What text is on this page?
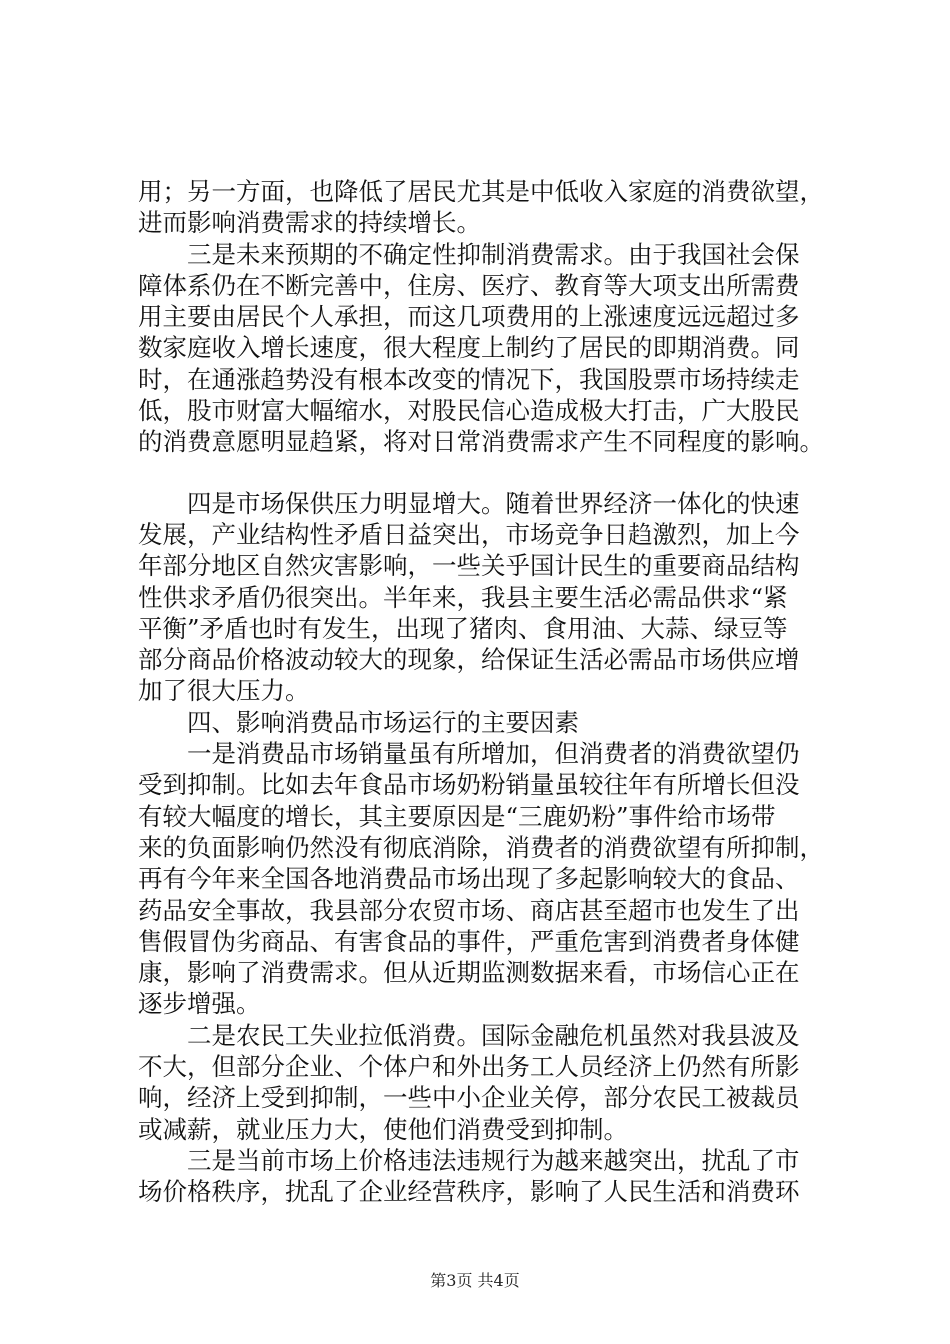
用；另一方面，也降低了居民尤其是中低收入家庭的消费欲望，
进而影响消费需求的持续增长。
三是未来预期的不确定性抑制消费需求。由于我国社会保
障体系仍在不断完善中，住房、医疗、教育等大项支出所需费
用主要由居民个人承担，而这几项费用的上涨速度远远超过多
数家庭收入增长速度，很大程度上制约了居民的即期消费。同
时，在通涨趋势没有根本改变的情况下，我国股票市场持续走
低，股市财富大幅缩水，对股民信心造成极大打击，广大股民
的消费意愿明显趋紧，将对日常消费需求产生不同程度的影响。
四是市场保供压力明显增大。随着世界经济一体化的快速
发展，产业结构性矛盾日益突出，市场竞争日趋激烈，加上今
年部分地区自然灾害影响，一些关乎国计民生的重要商品结构
性供求矛盾仍很突出。半年来，我县主要生活必需品供求“紧
平衡”矛盾也时有发生，出现了猪肉、食用油、大蒜、绿豆等
部分商品价格波动较大的现象，给保证生活必需品市场供应增
加了很大压力。
四、影响消费品市场运行的主要因素
一是消费品市场销量虽有所增加，但消费者的消费欲望仍
受到抑制。比如去年食品市场奶粉销量虽较往年有所增长但没
有较大幅度的增长，其主要原因是“三鹿奶粉”事件给市场带
来的负面影响仍然没有彻底消除，消费者的消费欲望有所抑制，
再有今年来全国各地消费品市场出现了多起影响较大的食品、
药品安全事故，我县部分农贸市场、商店甚至超市也发生了出
售假冒伪劣商品、有害食品的事件，严重危害到消费者身体健
康，影响了消费需求。但从近期监测数据来看，市场信心正在
逐步增强。
二是农民工失业拉低消费。国际金融危机虽然对我县波及
不大，但部分企业、个体户和外出务工人员经济上仍然有所影
响，经济上受到抑制，一些中小企业关停，部分农民工被裁员
或减薪，就业压力大，使他们消费受到抑制。
三是当前市场上价格违法违规行为越来越突出，扰乱了市
场价格秩序，扰乱了企业经营秩序，影响了人民生活和消费环
第3页 共4页
